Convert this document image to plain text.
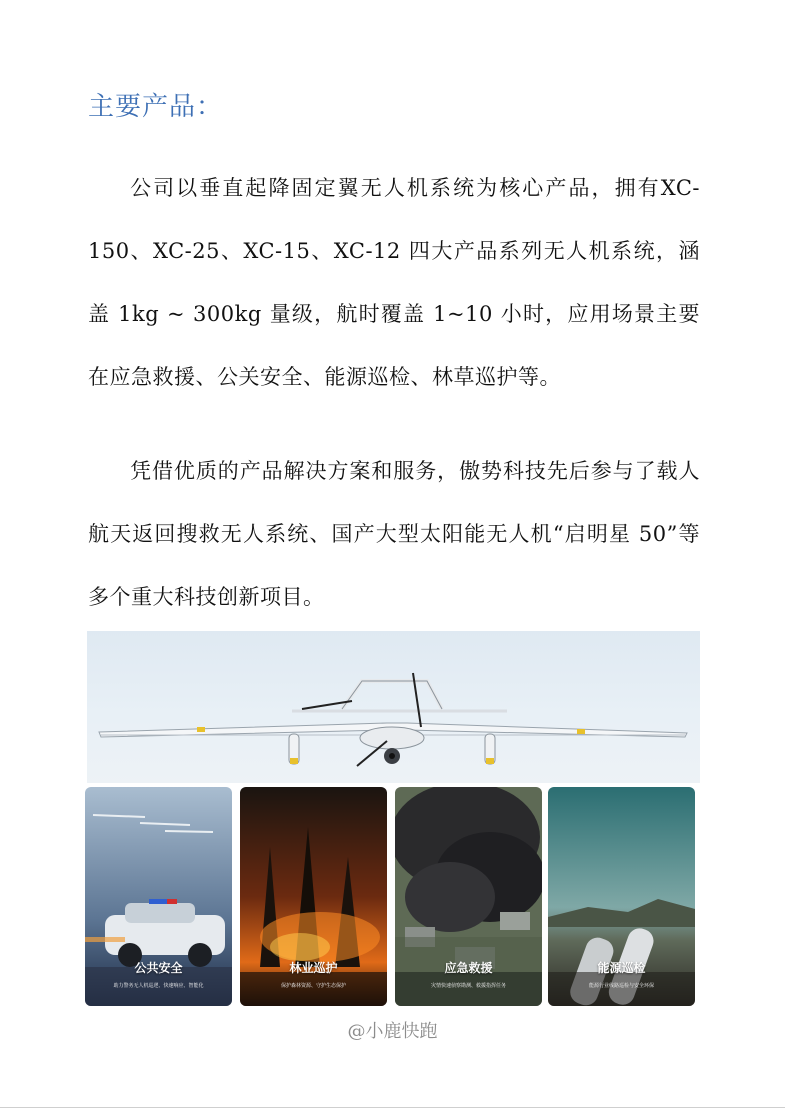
主要产品：

公司以垂直起降固定翼无人机系统为核心产品，拥有XC-150、XC-25、XC-15、XC-12 四大产品系列无人机系统，涵盖 1kg ~ 300kg 量级，航时覆盖 1~10 小时，应用场景主要在应急救援、公关安全、能源巡检、林草巡护等。

凭借优质的产品解决方案和服务，傲势科技先后参与了载人航天返回搜救无人系统、国产大型太阳能无人机“启明星 50”等多个重大科技创新项目。

公共安全
助力警务无人机巡逻、快速响应、智能化
林业巡护
保护森林资源、守护生态保护
应急救援
灾情快速侦察勘测、救援指挥任务
能源巡检
能源行业线路巡检与安全环保
@小鹿快跑
